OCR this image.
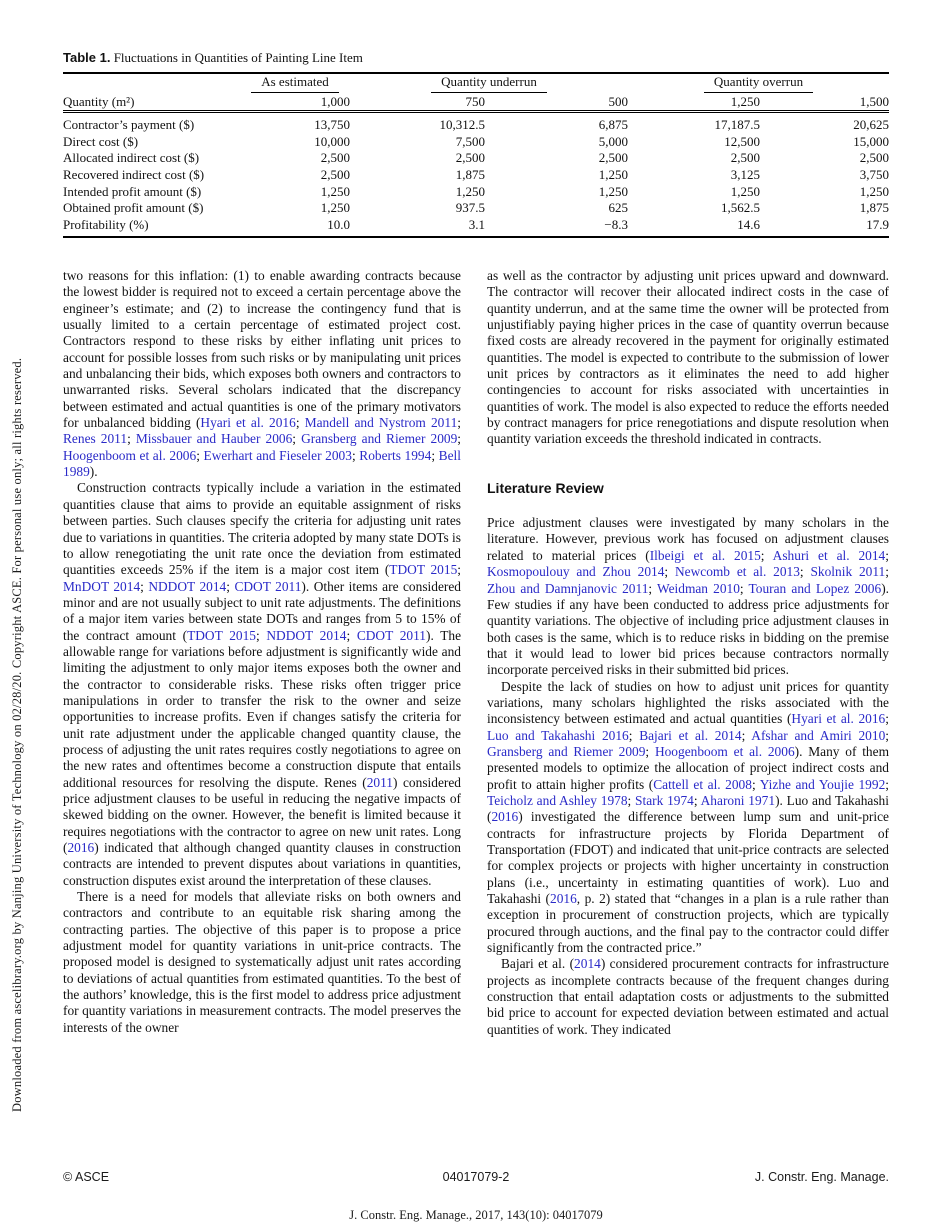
Downloaded from ascelibrary.org by Nanjing University of Technology on 02/28/20. Copyright ASCE. For personal use only; all rights reserved.
Table 1. Fluctuations in Quantities of Painting Line Item
	As estimated	Quantity underrun		Quantity overrun	
Quantity (m²)	1,000	750	500	1,250	1,500
Contractor’s payment ($)	13,750	10,312.5	6,875	17,187.5	20,625
Direct cost ($)	10,000	7,500	5,000	12,500	15,000
Allocated indirect cost ($)	2,500	2,500	2,500	2,500	2,500
Recovered indirect cost ($)	2,500	1,875	1,250	3,125	3,750
Intended profit amount ($)	1,250	1,250	1,250	1,250	1,250
Obtained profit amount ($)	1,250	937.5	625	1,562.5	1,875
Profitability (%)	10.0	3.1	−8.3	14.6	17.9

two reasons for this inflation: (1) to enable awarding contracts because the lowest bidder is required not to exceed a certain percentage above the engineer’s estimate; and (2) to increase the contingency fund that is usually limited to a certain percentage of estimated project cost. Contractors respond to these risks by either inflating unit prices to account for possible losses from such risks or by manipulating unit prices and unbalancing their bids, which exposes both owners and contractors to unwarranted risks. Several scholars indicated that the discrepancy between estimated and actual quantities is one of the primary motivators for unbalanced bidding (Hyari et al. 2016; Mandell and Nystrom 2011; Renes 2011; Missbauer and Hauber 2006; Gransberg and Riemer 2009; Hoogenboom et al. 2006; Ewerhart and Fieseler 2003; Roberts 1994; Bell 1989).

Construction contracts typically include a variation in the estimated quantities clause that aims to provide an equitable assignment of risks between parties. Such clauses specify the criteria for adjusting unit rates due to variations in quantities. The criteria adopted by many state DOTs is to allow renegotiating the unit rate once the deviation from estimated quantities exceeds 25% if the item is a major cost item (TDOT 2015; MnDOT 2014; NDDOT 2014; CDOT 2011). Other items are considered minor and are not usually subject to unit rate adjustments. The definitions of a major item varies between state DOTs and ranges from 5 to 15% of the contract amount (TDOT 2015; NDDOT 2014; CDOT 2011). The allowable range for variations before adjustment is significantly wide and limiting the adjustment to only major items exposes both the owner and the contractor to considerable risks. These risks often trigger price manipulations in order to transfer the risk to the owner and seize opportunities to increase profits. Even if changes satisfy the criteria for unit rate adjustment under the applicable changed quantity clause, the process of adjusting the unit rates requires costly negotiations to agree on the new rates and oftentimes become a construction dispute that entails additional resources for resolving the dispute. Renes (2011) considered price adjustment clauses to be useful in reducing the negative impacts of skewed bidding on the owner. However, the benefit is limited because it requires negotiations with the contractor to agree on new unit rates. Long (2016) indicated that although changed quantity clauses in construction contracts are intended to prevent disputes about variations in quantities, construction disputes exist around the interpretation of these clauses.

There is a need for models that alleviate risks on both owners and contractors and contribute to an equitable risk sharing among the contracting parties. The objective of this paper is to propose a price adjustment model for quantity variations in unit-price contracts. The proposed model is designed to systematically adjust unit rates according to deviations of actual quantities from estimated quantities. To the best of the authors’ knowledge, this is the first model to address price adjustment for quantity variations in measurement contracts. The model preserves the interests of the owner

as well as the contractor by adjusting unit prices upward and downward. The contractor will recover their allocated indirect costs in the case of quantity underrun, and at the same time the owner will be protected from unjustifiably paying higher prices in the case of quantity overrun because fixed costs are already recovered in the payment for originally estimated quantities. The model is expected to contribute to the submission of lower unit prices by contractors as it eliminates the need to add higher contingencies to account for risks associated with uncertainties in quantities of work. The model is also expected to reduce the efforts needed by contract managers for price renegotiations and dispute resolution when quantity variation exceeds the threshold indicated in contracts.

Literature Review

Price adjustment clauses were investigated by many scholars in the literature. However, previous work has focused on adjustment clauses related to material prices (Ilbeigi et al. 2015; Ashuri et al. 2014; Kosmopoulouy and Zhou 2014; Newcomb et al. 2013; Skolnik 2011; Zhou and Damnjanovic 2011; Weidman 2010; Touran and Lopez 2006). Few studies if any have been conducted to address price adjustments for quantity variations. The objective of including price adjustment clauses in both cases is the same, which is to reduce risks in bidding on the premise that it would lead to lower bid prices because contractors normally incorporate perceived risks in their submitted bid prices.

Despite the lack of studies on how to adjust unit prices for quantity variations, many scholars highlighted the risks associated with the inconsistency between estimated and actual quantities (Hyari et al. 2016; Luo and Takahashi 2016; Bajari et al. 2014; Afshar and Amiri 2010; Gransberg and Riemer 2009; Hoogenboom et al. 2006). Many of them presented models to optimize the allocation of project indirect costs and profit to attain higher profits (Cattell et al. 2008; Yizhe and Youjie 1992; Teicholz and Ashley 1978; Stark 1974; Aharoni 1971). Luo and Takahashi (2016) investigated the difference between lump sum and unit-price contracts for infrastructure projects by Florida Department of Transportation (FDOT) and indicated that unit-price contracts are selected for complex projects or projects with higher uncertainty in construction plans (i.e., uncertainty in estimating quantities of work). Luo and Takahashi (2016, p. 2) stated that “changes in a plan is a rule rather than exception in procurement of construction projects, which are typically procured through auctions, and the final pay to the contractor could differ significantly from the contracted price.”

Bajari et al. (2014) considered procurement contracts for infrastructure projects as incomplete contracts because of the frequent changes during construction that entail adaptation costs or adjustments to the submitted bid price to account for expected deviation between estimated and actual quantities of work. They indicated

© ASCE	04017079-2	J. Constr. Eng. Manage.
J. Constr. Eng. Manage., 2017, 143(10): 04017079
